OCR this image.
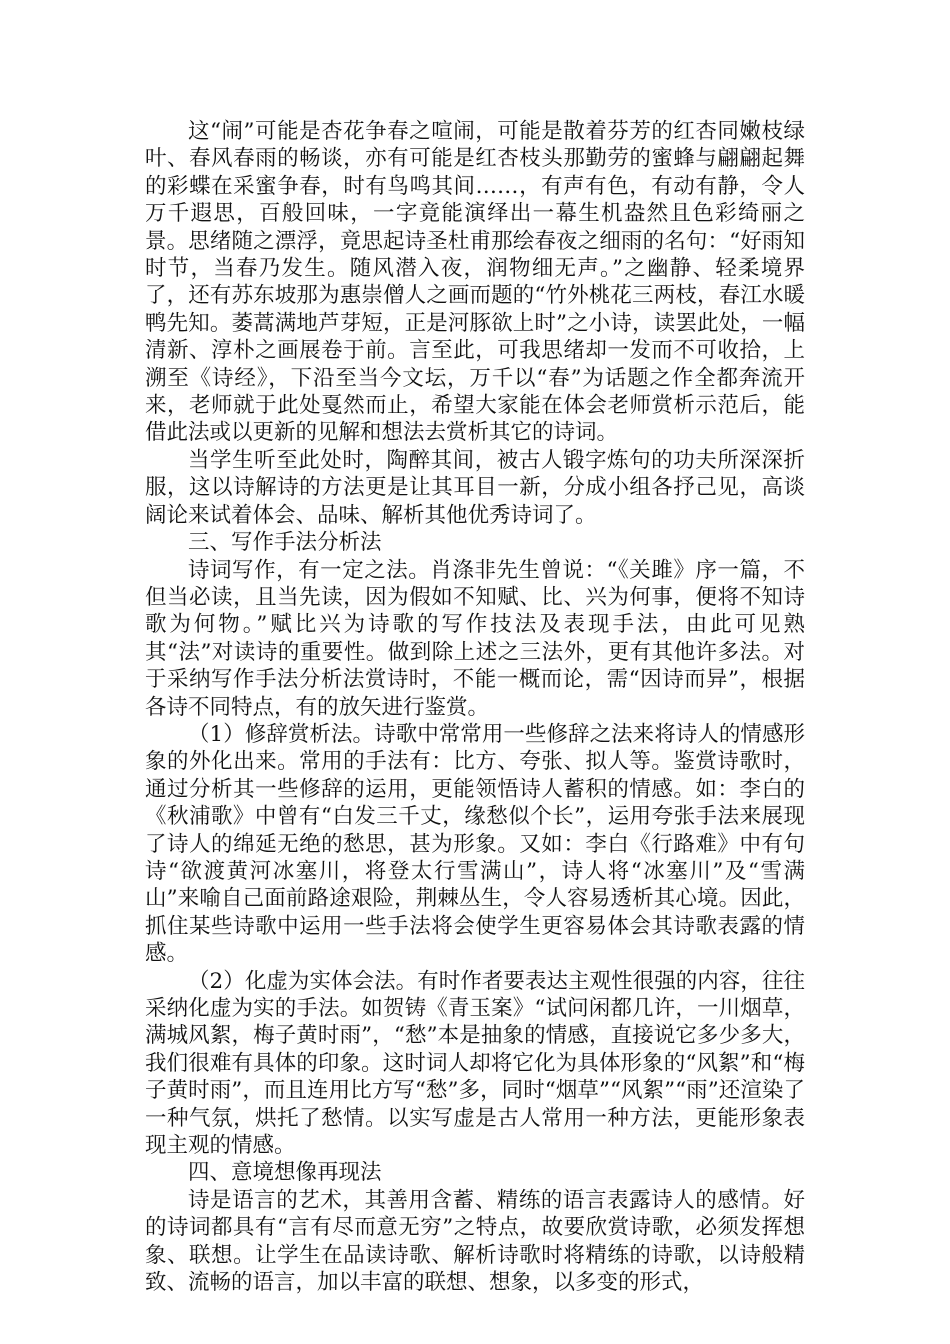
这“闹”可能是杏花争春之喧闹，可能是散着芬芳的红杏同嫩枝绿叶、春风春雨的畅谈，亦有可能是红杏枝头那勤劳的蜜蜂与翩翩起舞的彩蝶在采蜜争春，时有鸟鸣其间……，有声有色，有动有静，令人万千遐思，百般回味，一字竟能演绎出一幕生机盎然且色彩绮丽之景。思绪随之漂浮，竟思起诗圣杜甫那绘春夜之细雨的名句：“好雨知时节，当春乃发生。随风潜入夜，润物细无声。”之幽静、轻柔境界了，还有苏东坡那为惠崇僧人之画而题的“竹外桃花三两枝，春江水暖鸭先知。萎蒿满地芦芽短，正是河豚欲上时”之小诗，读罢此处，一幅清新、淳朴之画展卷于前。言至此，可我思绪却一发而不可收拾，上溯至《诗经》，下沿至当今文坛，万千以“春”为话题之作全都奔流开来，老师就于此处戛然而止，希望大家能在体会老师赏析示范后，能借此法或以更新的见解和想法去赏析其它的诗词。

当学生听至此处时，陶醉其间，被古人锻字炼句的功夫所深深折服，这以诗解诗的方法更是让其耳目一新，分成小组各抒己见，高谈阔论来试着体会、品味、解析其他优秀诗词了。

三、写作手法分析法

诗词写作，有一定之法。肖涤非先生曾说：“《关雎》序一篇，不但当必读，且当先读，因为假如不知赋、比、兴为何事，便将不知诗歌为何物。”赋比兴为诗歌的写作技法及表现手法，由此可见熟其“法”对读诗的重要性。做到除上述之三法外，更有其他许多法。对于采纳写作手法分析法赏诗时，不能一概而论，需“因诗而异”，根据各诗不同特点，有的放矢进行鉴赏。

（1）修辞赏析法。诗歌中常常用一些修辞之法来将诗人的情感形象的外化出来。常用的手法有：比方、夸张、拟人等。鉴赏诗歌时，通过分析其一些修辞的运用，更能领悟诗人蓄积的情感。如：李白的《秋浦歌》中曾有“白发三千丈，缘愁似个长”，运用夸张手法来展现了诗人的绵延无绝的愁思，甚为形象。又如：李白《行路难》中有句诗“欲渡黄河冰塞川，将登太行雪满山”，诗人将“冰塞川”及“雪满山”来喻自己面前路途艰险，荆棘丛生，令人容易透析其心境。因此，抓住某些诗歌中运用一些手法将会使学生更容易体会其诗歌表露的情感。

（2）化虚为实体会法。有时作者要表达主观性很强的内容，往往采纳化虚为实的手法。如贺铸《青玉案》“试问闲都几许，一川烟草，满城风絮，梅子黄时雨”，“愁”本是抽象的情感，直接说它多少多大，我们很难有具体的印象。这时词人却将它化为具体形象的“风絮”和“梅子黄时雨”，而且连用比方写“愁”多，同时“烟草”“风絮”“雨”还渲染了一种气氛，烘托了愁情。以实写虚是古人常用一种方法，更能形象表现主观的情感。

四、意境想像再现法

诗是语言的艺术，其善用含蓄、精练的语言表露诗人的感情。好的诗词都具有“言有尽而意无穷”之特点，故要欣赏诗歌，必须发挥想象、联想。让学生在品读诗歌、解析诗歌时将精练的诗歌，以诗般精致、流畅的语言，加以丰富的联想、想象，以多变的形式，
